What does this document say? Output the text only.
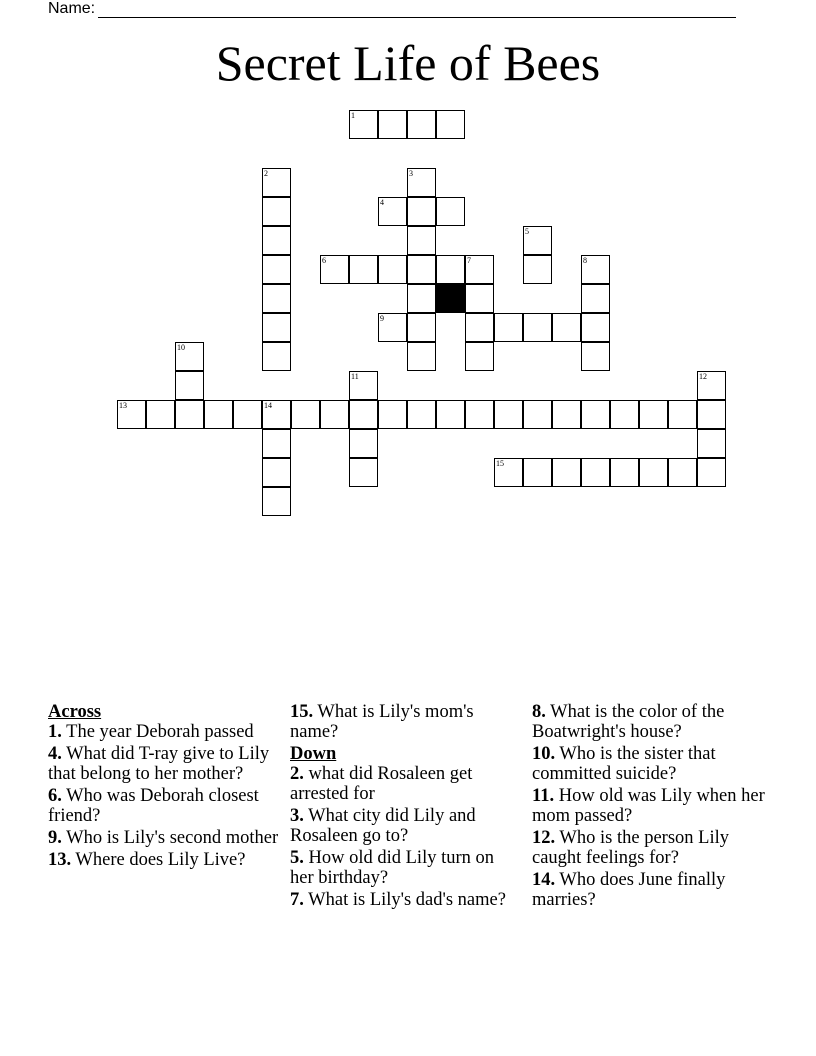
Name:
Secret Life of Bees
1
2	3
4
5
6	7	8
9
10
11	12
13	14
15
Across
1. The year Deborah passed
4. What did T-ray give to Lily that belong to her mother?
6. Who was Deborah closest friend?
9. Who is Lily's second mother
13. Where does Lily Live?
15. What is Lily's mom's name?
Down
2. what did Rosaleen get arrested for
3. What city did Lily and Rosaleen go to?
5. How old did Lily turn on her birthday?
7. What is Lily's dad's name?
8. What is the color of the Boatwright's house?
10. Who is the sister that committed suicide?
11. How old was Lily when her mom passed?
12. Who is the person Lily caught feelings for?
14. Who does June finally marries?
